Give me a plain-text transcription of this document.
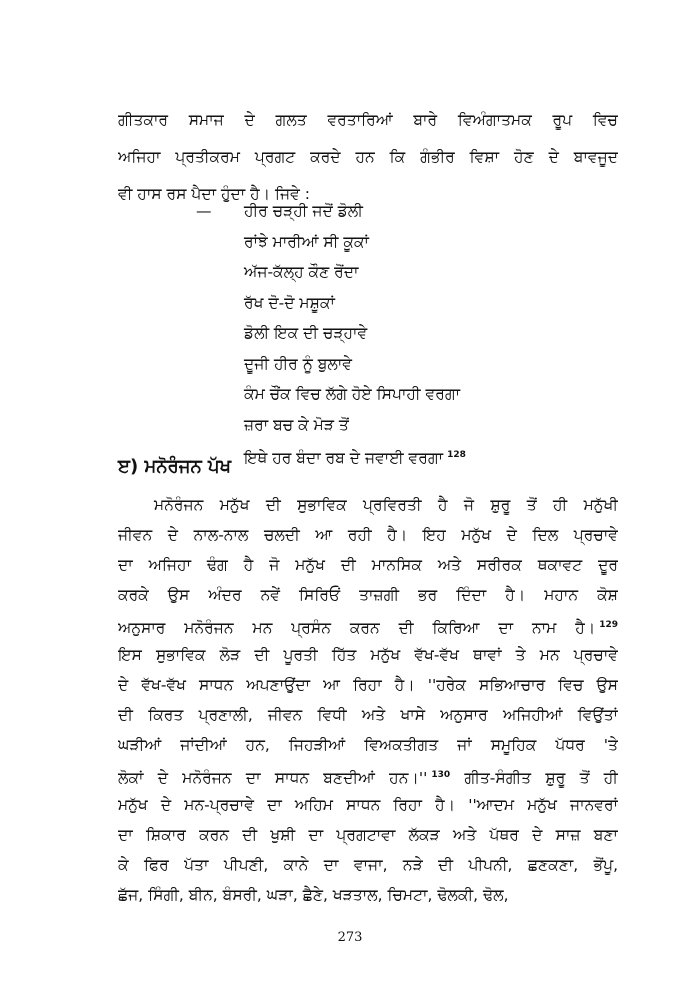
ਗੀਤਕਾਰ ਸਮਾਜ ਦੇ ਗਲਤ ਵਰਤਾਰਿਆਂ ਬਾਰੇ ਵਿਅੰਗਾਤਮਕ ਰੂਪ ਵਿਚ
ਅਜਿਹਾ ਪ੍ਰਤੀਕਰਮ ਪ੍ਰਗਟ ਕਰਦੇ ਹਨ ਕਿ ਗੰਭੀਰ ਵਿਸ਼ਾ ਹੋਣ ਦੇ ਬਾਵਜੂਦ
ਵੀ ਹਾਸ ਰਸ ਪੈਦਾ ਹੁੰਦਾ ਹੈ। ਜਿਵੇ :
— ਹੀਰ ਚੜ੍ਹੀ ਜਦੋਂ ਡੋਲੀ
ਰਾਂਝੇ ਮਾਰੀਆਂ ਸੀ ਕੂਕਾਂ
ਅੱਜ-ਕੱਲ੍ਹ ਕੌਣ ਰੋਂਦਾ
ਰੱਖ ਦੋ-ਦੋ ਮਸ਼ੂਕਾਂ
ਡੋਲੀ ਇਕ ਦੀ ਚੜ੍ਹਾਵੇ
ਦੂਜੀ ਹੀਰ ਨੂੰ ਬੁਲਾਵੇ
ਕੰਮ ਚੌਂਕ ਵਿਚ ਲੱਗੇ ਹੋਏ ਸਿਪਾਹੀ ਵਰਗਾ
ਜ਼ਰਾ ਬਚ ਕੇ ਮੋੜ ਤੋਂ
ਇਥੇ ਹਰ ਬੰਦਾ ਰਬ ਦੇ ਜਵਾਈ ਵਰਗਾ $^{128}$
ੲ) ਮਨੋਰੰਜਨ ਪੱਖ
ਮਨੋਰੰਜਨ ਮਨੁੱਖ ਦੀ ਸੁਭਾਵਿਕ ਪ੍ਰਵਿਰਤੀ ਹੈ ਜੋ ਸ਼ੁਰੂ ਤੋਂ ਹੀ ਮਨੁੱਖੀ
ਜੀਵਨ ਦੇ ਨਾਲ-ਨਾਲ ਚਲਦੀ ਆ ਰਹੀ ਹੈ। ਇਹ ਮਨੁੱਖ ਦੇ ਦਿਲ ਪ੍ਰਚਾਵੇ
ਦਾ ਅਜਿਹਾ ਢੰਗ ਹੈ ਜੋ ਮਨੁੱਖ ਦੀ ਮਾਨਸਿਕ ਅਤੇ ਸਰੀਰਕ ਥਕਾਵਟ ਦੂਰ
ਕਰਕੇ ਉਸ ਅੰਦਰ ਨਵੇਂ ਸਿਰਿਓਂ ਤਾਜ਼ਗੀ ਭਰ ਦਿੰਦਾ ਹੈ। ਮਹਾਨ ਕੋਸ਼
ਅਨੁਸਾਰ ਮਨੋਰੰਜਨ ਮਨ ਪ੍ਰਸੰਨ ਕਰਨ ਦੀ ਕਿਰਿਆ ਦਾ ਨਾਮ ਹੈ। $^{129}$
ਇਸ ਸੁਭਾਵਿਕ ਲੋੜ ਦੀ ਪੂਰਤੀ ਹਿੱਤ ਮਨੁੱਖ ਵੱਖ-ਵੱਖ ਥਾਵਾਂ ਤੇ ਮਨ ਪ੍ਰਚਾਵੇ
ਦੇ ਵੱਖ-ਵੱਖ ਸਾਧਨ ਅਪਣਾਉਂਦਾ ਆ ਰਿਹਾ ਹੈ। ''ਹਰੇਕ ਸਭਿਆਚਾਰ ਵਿਚ ਉਸ
ਦੀ ਕਿਰਤ ਪ੍ਰਣਾਲੀ, ਜੀਵਨ ਵਿਧੀ ਅਤੇ ਖਾਸੇ ਅਨੁਸਾਰ ਅਜਿਹੀਆਂ ਵਿਉਂਤਾਂ
ਘੜੀਆਂ ਜਾਂਦੀਆਂ ਹਨ, ਜਿਹੜੀਆਂ ਵਿਅਕਤੀਗਤ ਜਾਂ ਸਮੂਹਿਕ ਪੱਧਰ 'ਤੇ
ਲੋਕਾਂ ਦੇ ਮਨੋਰੰਜਨ ਦਾ ਸਾਧਨ ਬਣਦੀਆਂ ਹਨ।'' $^{130}$ ਗੀਤ-ਸੰਗੀਤ ਸ਼ੁਰੂ ਤੋਂ ਹੀ
ਮਨੁੱਖ ਦੇ ਮਨ-ਪ੍ਰਚਾਵੇ ਦਾ ਅਹਿਮ ਸਾਧਨ ਰਿਹਾ ਹੈ। ''ਆਦਮ ਮਨੁੱਖ ਜਾਨਵਰਾਂ
ਦਾ ਸ਼ਿਕਾਰ ਕਰਨ ਦੀ ਖੁਸ਼ੀ ਦਾ ਪ੍ਰਗਟਾਵਾ ਲੱਕੜ ਅਤੇ ਪੱਥਰ ਦੇ ਸਾਜ਼ ਬਣਾ
ਕੇ ਫਿਰ ਪੱਤਾ ਪੀਪਣੀ, ਕਾਨੇ ਦਾ ਵਾਜਾ, ਨੜੇ ਦੀ ਪੀਪਨੀ, ਛਣਕਣਾ, ਭੋਂਪੂ,
ਛੱਜ, ਸਿੰਗੀ, ਬੀਨ, ਬੰਸਰੀ, ਘੜਾ, ਛੈਣੇ, ਖੜਤਾਲ, ਚਿਮਟਾ, ਢੋਲਕੀ, ਢੋਲ,
273
